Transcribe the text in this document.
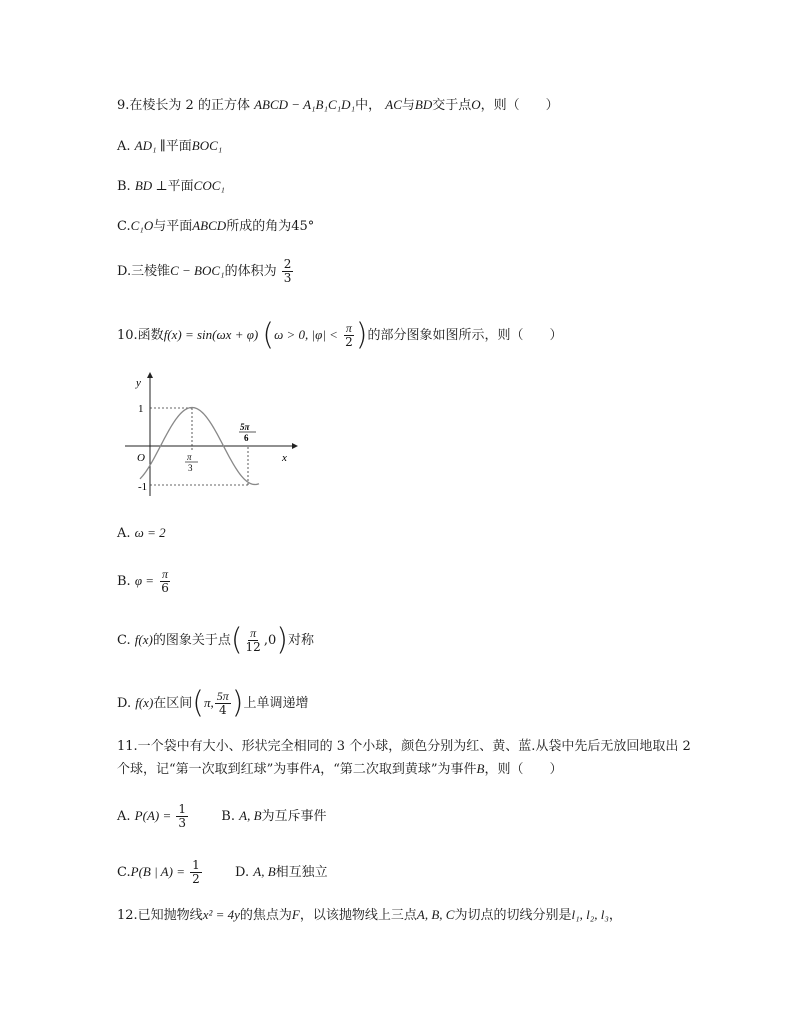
9.在棱长为 2 的正方体 ABCD − A₁B₁C₁D₁中， AC与BD交于点O，则（　　）
A. AD₁ ∥平面BOC₁
B. BD ⊥平面COC₁
C.C₁O与平面ABCD所成的角为45°
D.三棱锥C − BOC₁的体积为 $\frac{2}{3}$
10.函数f(x) = sin(ωx + φ) (ω > 0, $|\varphi| < \frac{\pi}{2}$ )的部分图象如图所示，则（　　）
y
x
O
1
-1
π
3
5π
6
A. ω = 2
B. $\varphi = \frac{\pi}{6}$
C. f(x)的图象关于点( $\frac{\pi}{12} ,0$)对称
D. f(x)在区间(π, $\frac{5\pi}{4}$ )上单调递增
11.一个袋中有大小、形状完全相同的 3 个小球，颜色分别为红、黄、蓝.从袋中先后无放回地取出 2
个球，记“第一次取到红球”为事件A，“第二次取到黄球”为事件B，则（　　）
A. $P(A) = \frac{1}{3}$	B. A, B为互斥事件
C.P(B | $A) = \frac{1}{2}$	D. A, B相互独立
12.已知抛物线x² = 4y的焦点为F，以该抛物线上三点A, B, C为切点的切线分别是l₁, l₂, l₃，
